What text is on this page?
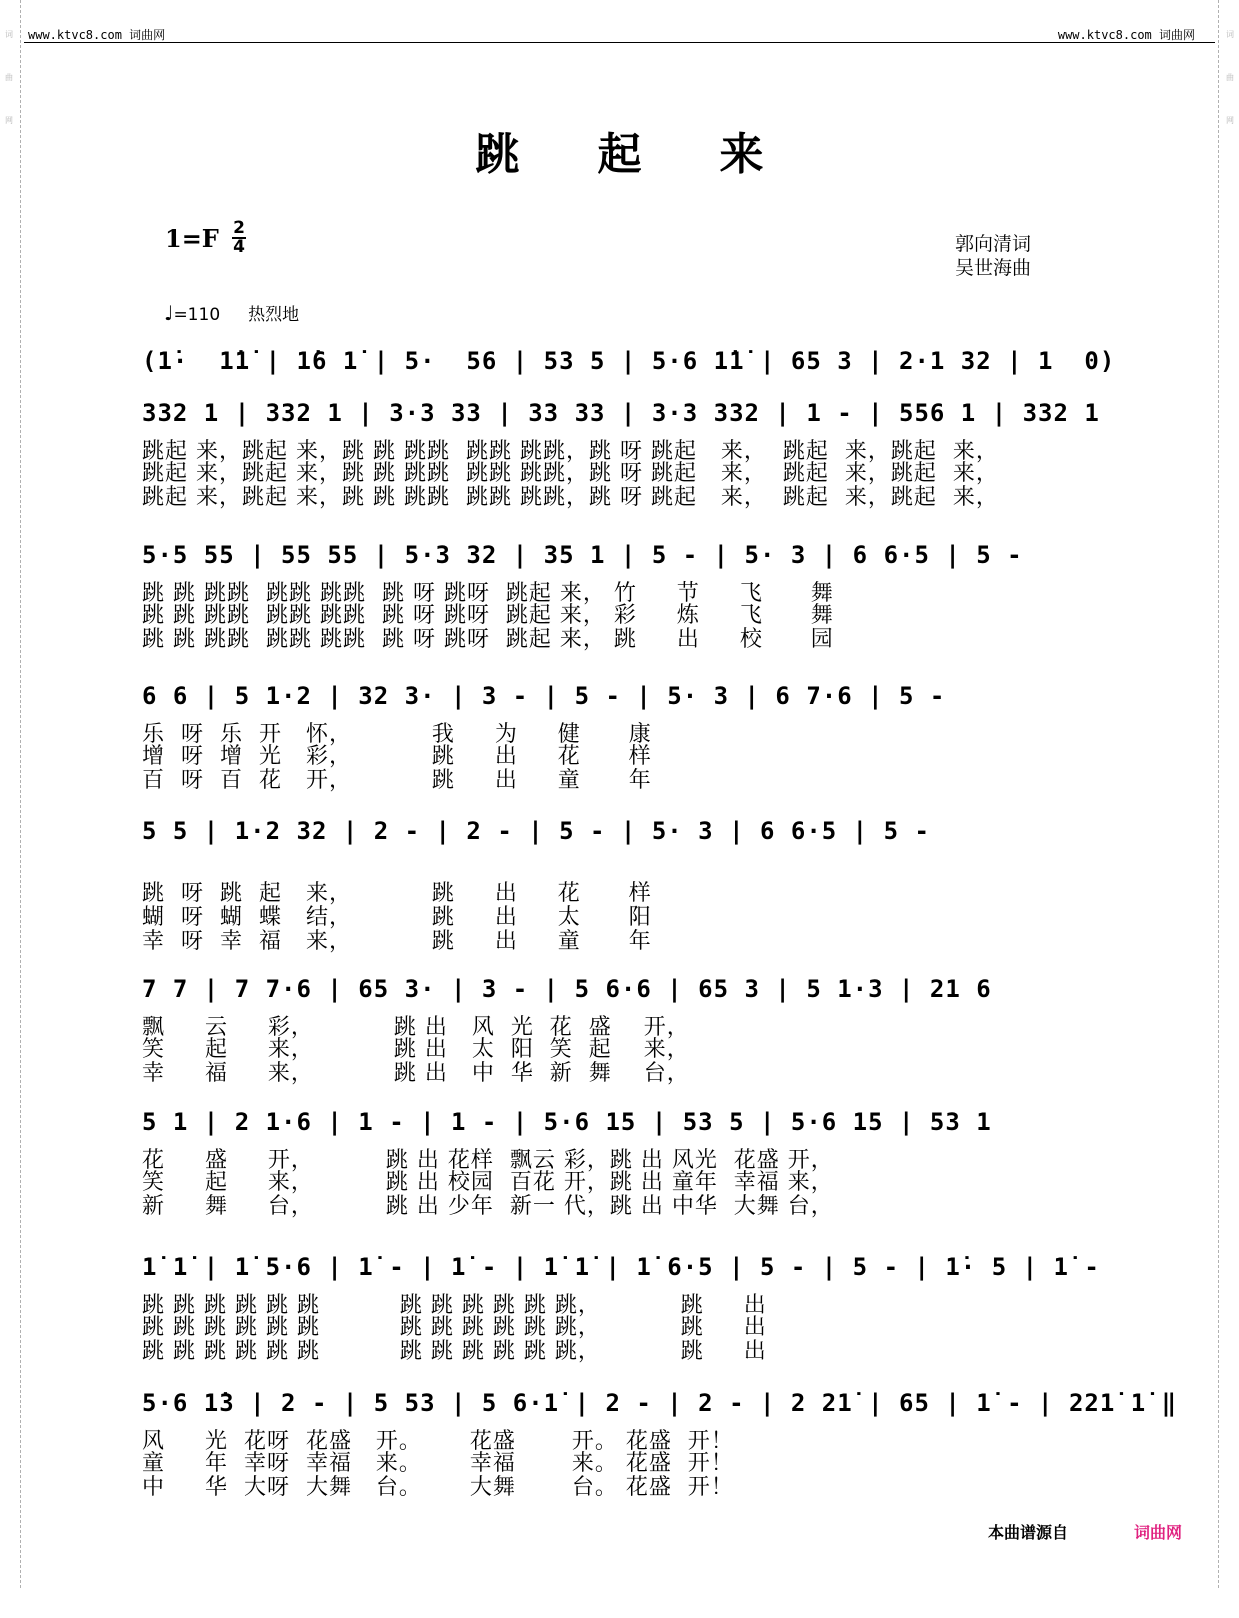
词
曲
网
词
曲
网
www.ktvc8.com 词曲网	www.ktvc8.com 词曲网
跳起来
1=F 2
4	郭向清词
吴世海曲
♩=110 热烈地
(1̇·  1̇1̇ | 1̇6 1̇ | 5·  56 | 53 5 | 5·6 1̇1̇ | 65 3 | 2·1 32 | 1  0)
332 1 | 332 1 | 3·3 33 | 33 33 | 3·3 332 | 1 - | 556 1 | 332 1
跳起 来，跳起 来，跳 跳 跳跳  跳跳 跳跳，跳 呀 跳起   来，  跳起  来，跳起  来，
跳起 来，跳起 来，跳 跳 跳跳  跳跳 跳跳，跳 呀 跳起   来，  跳起  来，跳起  来，
跳起 来，跳起 来，跳 跳 跳跳  跳跳 跳跳，跳 呀 跳起   来，  跳起  来，跳起  来，
5·5 55 | 55 55 | 5·3 32 | 35 1 | 5 - | 5· 3 | 6 6·5 | 5 -
跳 跳 跳跳  跳跳 跳跳  跳 呀 跳呀  跳起 来， 竹     节     飞      舞
跳 跳 跳跳  跳跳 跳跳  跳 呀 跳呀  跳起 来， 彩     炼     飞      舞
跳 跳 跳跳  跳跳 跳跳  跳 呀 跳呀  跳起 来， 跳     出     校      园
6 6 | 5 1·2 | 32 3· | 3 - | 5 - | 5· 3 | 6 7·6 | 5 -
乐  呀  乐  开   怀，          我     为     健      康
增  呀  增  光   彩，          跳     出     花      样
百  呀  百  花   开，          跳     出     童      年
5 5 | 1·2 32 | 2 - | 2 - | 5 - | 5· 3 | 6 6·5 | 5 -
跳  呀  跳  起   来，          跳     出     花      样
蝴  呀  蝴  蝶   结，          跳     出     太      阳
幸  呀  幸  福   来，          跳     出     童      年
7 7 | 7 7·6 | 65 3· | 3 - | 5 6·6 | 65 3 | 5 1·3 | 21 6
飘     云     彩，          跳 出   风  光  花  盛    开，
笑     起     来，          跳 出   太  阳  笑  起    来，
幸     福     来，          跳 出   中  华  新  舞    台，
5 1 | 2 1·6 | 1 - | 1 - | 5·6 15 | 53 5 | 5·6 15 | 53 1
花     盛     开，         跳 出 花样  飘云 彩，跳 出 风光  花盛 开，
笑     起     来，         跳 出 校园  百花 开，跳 出 童年  幸福 来，
新     舞     台，         跳 出 少年  新一 代，跳 出 中华  大舞 台，
1̇ 1̇ | 1̇ 5·6 | 1̇ - | 1̇ - | 1̇ 1̇ | 1̇ 6·5 | 5 - | 5 - | 1̇· 5 | 1̇ -
跳 跳 跳 跳 跳 跳          跳 跳 跳 跳 跳 跳，          跳     出
跳 跳 跳 跳 跳 跳          跳 跳 跳 跳 跳 跳，          跳     出
跳 跳 跳 跳 跳 跳          跳 跳 跳 跳 跳 跳，          跳     出
5·6 1̇3 | 2 - | 5 53 | 5 6·1̇ | 2 - | 2 - | 2 21̇ | 65 | 1̇ - | 221̇ 1̇ ‖
风     光  花呀  花盛   开。      花盛       开。 花盛  开！
童     年  幸呀  幸福   来。      幸福       来。 花盛  开！
中     华  大呀  大舞   台。      大舞       台。 花盛  开！
本曲谱源自	词曲网
